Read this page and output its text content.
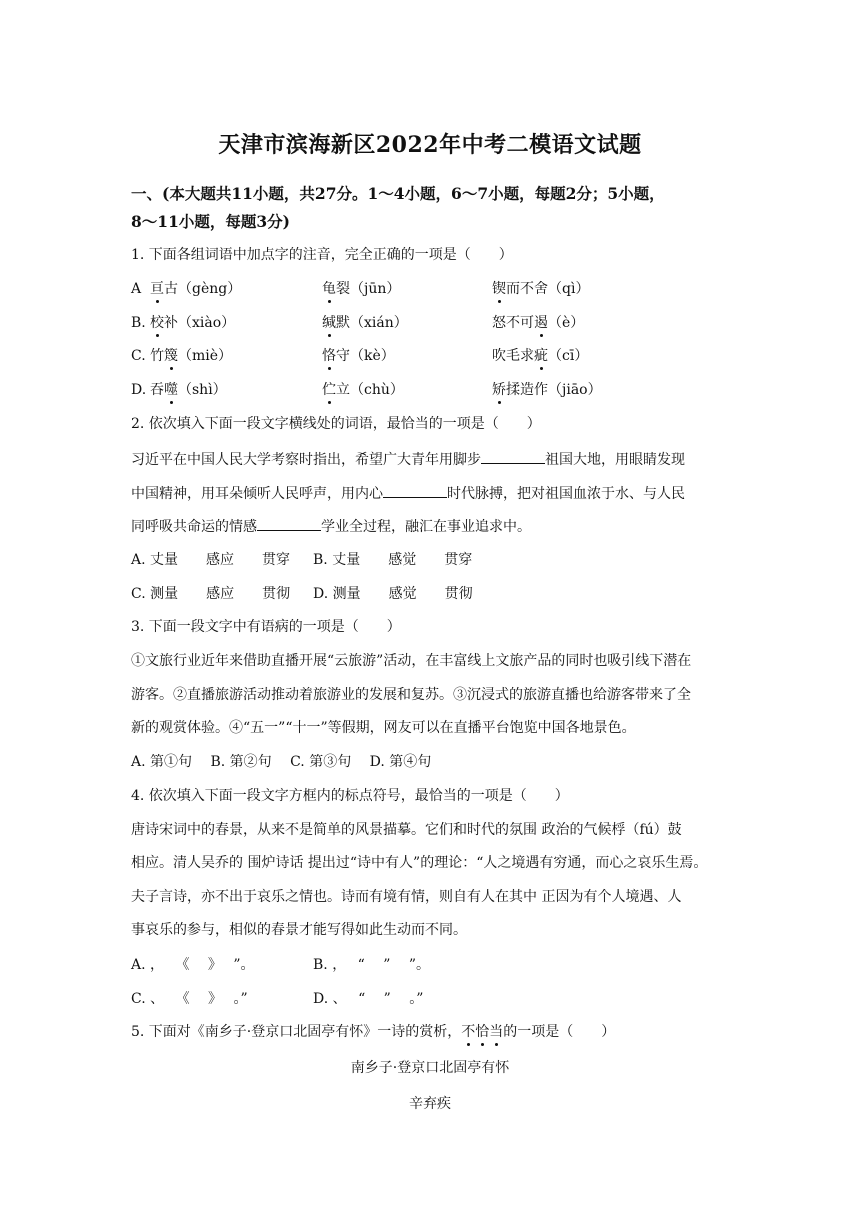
天津市滨海新区2022年中考二模语文试题
一、(本大题共11小题，共27分。1～4小题，6～7小题，每题2分；5小题，
8～11小题，每题3分)
1. 下面各组词语中加点字的注音，完全正确的一项是（　　）
A 亘古（gèng）	龟裂（jūn）	锲而不舍（qì）
B. 校补（xiào）	缄默（xián）	怒不可遏（è）
C. 竹篾（miè）	恪守（kè）	吹毛求疵（cī）
D. 吞噬（shì）	伫立（chù）	矫揉造作（jiāo）
2. 依次填入下面一段文字横线处的词语，最恰当的一项是（　　）
习近平在中国人民大学考察时指出，希望广大青年用脚步	祖国大地，用眼睛发现
中国精神，用耳朵倾听人民呼声，用内心	时代脉搏，把对祖国血浓于水、与人民
同呼吸共命运的情感	学业全过程，融汇在事业追求中。
A. 丈量　　感应　　贯穿 B. 丈量　　感觉　　贯穿
C. 测量　　感应　　贯彻 D. 测量　　感觉　　贯彻
3. 下面一段文字中有语病的一项是（　　）
①文旅行业近年来借助直播开展“云旅游”活动，在丰富线上文旅产品的同时也吸引线下潜在
游客。②直播旅游活动推动着旅游业的发展和复苏。③沉浸式的旅游直播也给游客带来了全
新的观赏体验。④“五一”“十一”等假期，网友可以在直播平台饱览中国各地景色。
A. 第①句　 B. 第②句　 C. 第③句　 D. 第④句
4. 依次填入下面一段文字方框内的标点符号，最恰当的一项是（　　）
唐诗宋词中的春景，从来不是简单的风景描摹。它们和时代的氛围 政治的气候桴（fú）鼓
相应。清人吴乔的 围炉诗话 提出过“诗中有人”的理论：“人之境遇有穷通，而心之哀乐生焉。
夫子言诗，亦不出于哀乐之情也。诗而有境有情，则自有人在其中 正因为有个人境遇、人
事哀乐的参与，相似的春景才能写得如此生动而不同。
A. ，　 《　 》　 ”。	B. ，　 “　 ”　 ”。
C. 、　 《　 》　 。”	D. 、　 “　 ”　 。”
5. 下面对《南乡子·登京口北固亭有怀》一诗的赏析，不恰当的一项是（　　）
南乡子·登京口北固亭有怀
辛弃疾
